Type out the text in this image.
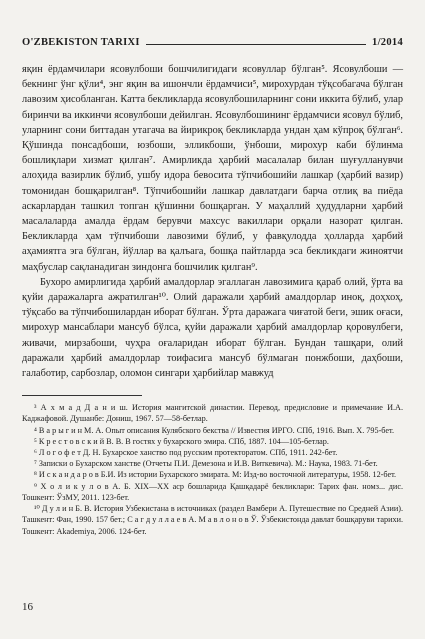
O'ZBEKISTON TARIXI	1/2014

яқин ёрдамчилари ясовулбоши бошчилигидаги ясовуллар бўлган⁵. Ясовулбоши — бекнинг ўнг қўли⁴, энг яқин ва ишончли ёрдамчиси⁵, мирохурдан тўқсобагача бўлган лавозим ҳисобланган. Катта бекликларда ясовулбошиларнинг сони иккита бўлиб, улар биринчи ва иккинчи ясовулбоши дейилган. Ясовулбошининг ёрдамчиси ясовул бўлиб, уларнинг сони биттадан утагача ва йирикроқ бекликларда ундан ҳам кўпроқ бўлган⁶. Қўшинда понсадбоши, юзбоши, элликбоши, ўнбоши, мирохур каби бўлинма бошлиқлари хизмат қилган⁷. Амирликда ҳарбий масалалар билан шуғулланувчи алоҳида вазирлик бўлиб, ушбу идора бевосита тўпчибошийи лашкар (ҳарбий вазир) томонидан бошқарилган⁸. Тўпчибошийи лашкар давлатдаги барча отлиқ ва пиёда аскарлардан ташкил топган қўшинни бошқарган. У маҳаллий ҳудудларни ҳарбий масалаларда амалда ёрдам берувчи махсус вакиллари орқали назорат қилган. Бекликларда ҳам тўпчибоши лавозими бўлиб, у фавқулодда ҳолларда ҳарбий аҳамиятга эга бўлган, йўллар ва қалъага, бошқа пайтларда эса бекликдаги жиноятчи маҳбуслар сақланадиган зиндонга бошчилик қилган⁹.

Бухоро амирлигида ҳарбий амалдорлар эгаллаган лавозимига қараб олий, ўрта ва қуйи даражаларга ажратилган¹⁰. Олий даражали ҳарбий амалдорлар иноқ, доҳхоҳ, тўқсабо ва тўпчибошилардан иборат бўлган. Ўрта даражага чиғатой беги, эшик оғаси, мирохур мансаблари мансуб бўлса, қуйи даражали ҳарбий амалдорлар қоровулбеги, живачи, мирзабоши, чуҳра оғаларидан иборат бўлган. Бундан ташқари, олий даражали ҳарбий амалдорлар тоифасига мансуб бўлмаган понжбоши, даҳбоши, галаботир, сарбозлар, оломон сингари ҳарбийлар мавжуд

³ А х м а д Д а н и ш. История мангитской династии. Перевод, предисловие и примечание И.А. Каджафовой. Душанбе: Дониш, 1967. 57—58-бетлар.

⁴ В а р ы г и н М. А. Опыт описания Кулябского бекства // Известия ИРГО. СПб, 1916. Вып. Х. 795-бет.

⁵ К р е с т о в с к и й В. В. В гостях у бухарского эмира. СПб, 1887. 104—105-бетлар.

⁶ Л о г о ф е т Д. Н. Бухарское ханство под русским протекторатом. СПб, 1911. 242-бет.

⁷ Записки о Бухарском ханстве (Отчеты П.И. Демезона и И.В. Виткевича). М.: Наука, 1983. 71-бет.

⁸ И с к а н д а р о в Б.И. Из истории Бухарского эмирата. М: Изд-во восточной литературы, 1958. 12-бет.

⁹ Х о л и к у л о в А. Б. XIX—XX аср бошларида Қашқадарё бекликлари: Тарих фан. номз... дис. Тошкент: ЎзМУ, 2011. 123-бет.

¹⁰ Д у л и н Б. В. История Узбекистана в источниках (раздел Вамбери А. Путешествие по Средней Азии). Ташкент: Фан, 1990. 157 бет.; С а г д у л л а е в А. М а в л о н о в Ў. Ўзбекистонда давлат бошқаруви тарихи. Тошкент: Akademiya, 2006. 124-бет.

16
